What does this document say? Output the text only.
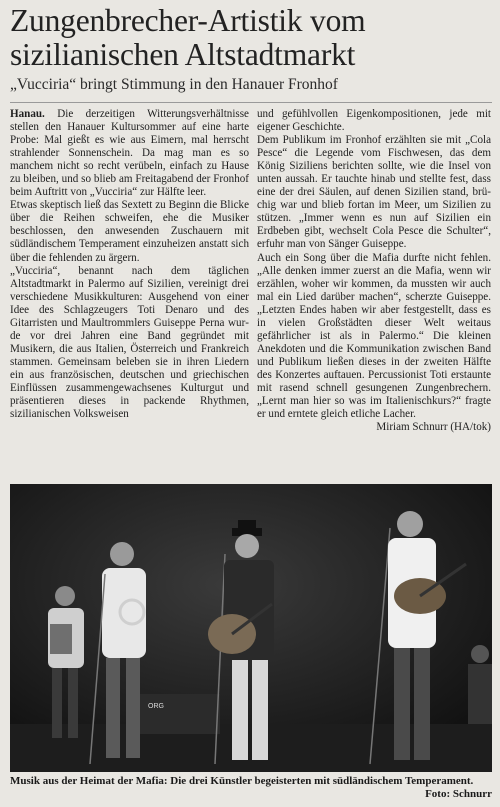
Zungenbrecher-Artistik vom
sizilianischen Altstadtmarkt
„Vucciria“ bringt Stimmung in den Hanauer Fronhof

Hanau. Die derzeitigen Witterungsverhältnisse stellen den Hanauer Kultursommer auf eine harte Probe: Mal gießt es wie aus Eimern, mal herrscht strahlender Sonnenschein. Da mag man es so manchem nicht so recht verübeln, einfach zu Hause zu bleiben, und so blieb am Freitagabend der Fronhof beim Auftritt von „Vucciria“ zur Hälfte leer.

Etwas skeptisch ließ das Sextett zu Beginn die Blicke über die Reihen schweifen, ehe die Musiker beschlossen, den anwesenden Zuschauern mit südländischem Temperament einzuheizen anstatt sich über die fehlenden zu ärgern.

„Vucciria“, benannt nach dem täglichen Altstadtmarkt in Palermo auf Sizilien, vereinigt drei verschiedene Musikkulturen: Ausgehend von einer Idee des Schlagzeugers Toti Denaro und des Gitarristen und Maultrommlers Guiseppe Perna wurde vor drei Jahren eine Band gegründet mit Musikern, die aus Italien, Österreich und Frankreich stammen. Gemeinsam beleben sie in ihren Liedern ein aus französischen, deutschen und griechischen Einflüssen zusammengewachsenes Kulturgut und präsentieren dieses in packende Rhythmen, sizilianischen Volksweisen

und gefühlvollen Eigenkompositionen, jede mit eigener Geschichte.

Dem Publikum im Fronhof erzählten sie mit „Cola Pesce“ die Legende vom Fischwesen, das dem König Siziliens berichten sollte, wie die Insel von unten aussah. Er tauchte hinab und stellte fest, dass eine der drei Säulen, auf denen Sizilien stand, brüchig war und blieb fortan im Meer, um Sizilien zu stützen. „Immer wenn es nun auf Sizilien ein Erdbeben gibt, wechselt Cola Pesce die Schulter“, erfuhr man von Sänger Guiseppe.

Auch ein Song über die Mafia durfte nicht fehlen. „Alle denken immer zuerst an die Mafia, wenn wir erzählen, woher wir kommen, da mussten wir auch mal ein Lied darüber machen“, scherzte Guiseppe. „Letzten Endes haben wir aber festgestellt, dass es in vielen Großstädten dieser Welt weitaus gefährlicher ist als in Palermo.“ Die kleinen Anekdoten und die Kommunikation zwischen Band und Publikum ließen dieses in der zweiten Hälfte des Konzertes auftauen. Percussionist Toti erstaunte mit rasend schnell gesungenen Zungenbrechern. „Lernt man hier so was im Italienischkurs?“ fragte er und erntete gleich etliche Lacher.

Miriam Schnurr (HA/tok)

ORG
Musik aus der Heimat der Mafia: Die drei Künstler begeisterten mit südländischem Temperament.
Foto: Schnurr
